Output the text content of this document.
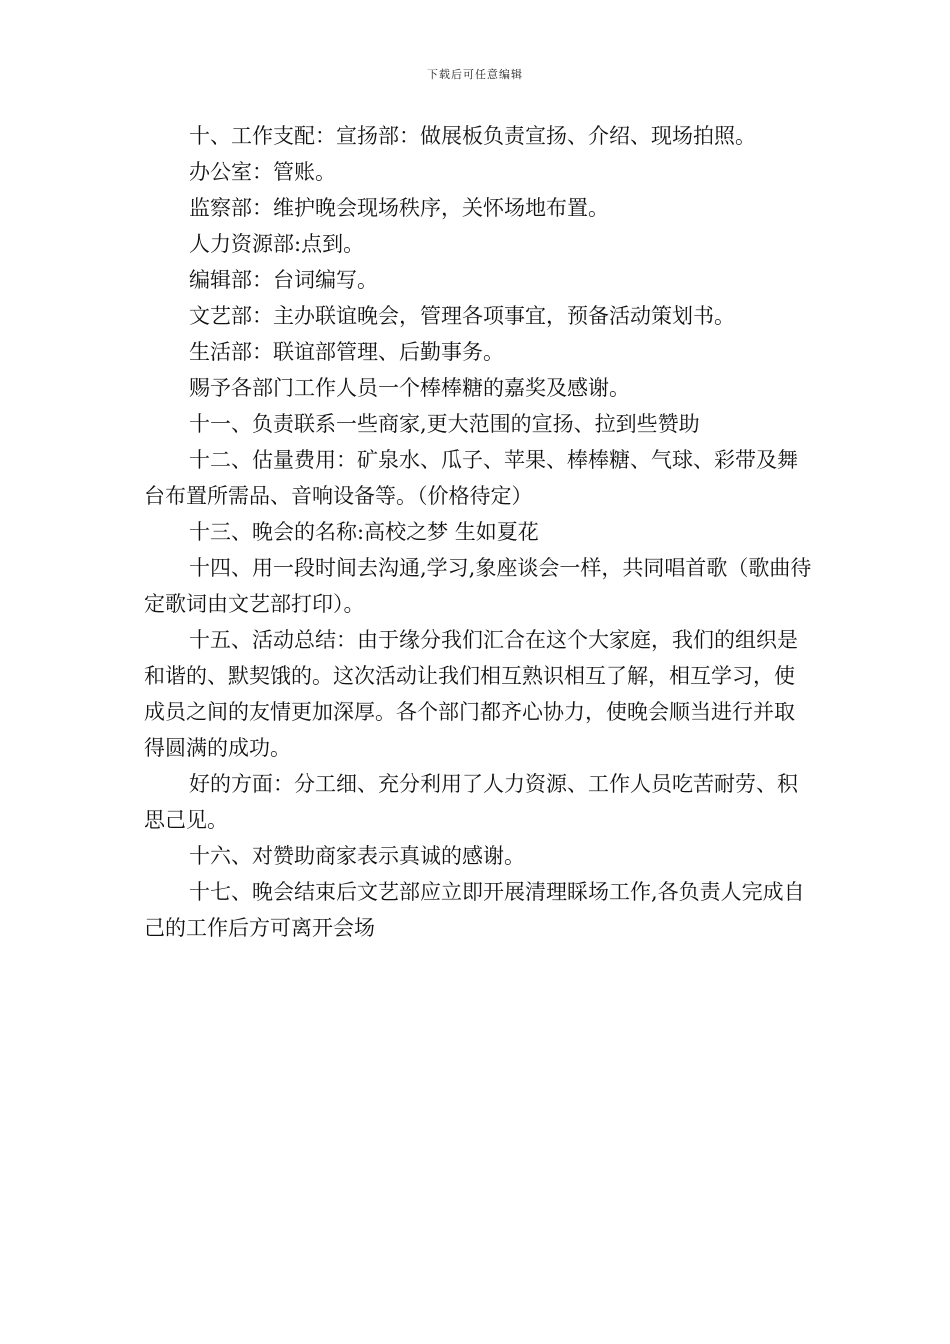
下载后可任意编辑

十、工作支配：宣扬部：做展板负责宣扬、介绍、现场拍照。

办公室：管账。

监察部：维护晚会现场秩序，关怀场地布置。

人力资源部:点到。

编辑部：台词编写。

文艺部：主办联谊晚会，管理各项事宜，预备活动策划书。

生活部：联谊部管理、后勤事务。

赐予各部门工作人员一个棒棒糖的嘉奖及感谢。

十一、负责联系一些商家,更大范围的宣扬、拉到些赞助

十二、估量费用：矿泉水、瓜子、苹果、棒棒糖、气球、彩带及舞台布置所需品、音响设备等。（价格待定）

十三、晚会的名称:高校之梦 生如夏花

十四、用一段时间去沟通,学习,象座谈会一样，共同唱首歌（歌曲待定歌词由文艺部打印）。

十五、活动总结：由于缘分我们汇合在这个大家庭，我们的组织是和谐的、默契饿的。这次活动让我们相互熟识相互了解，相互学习，使成员之间的友情更加深厚。各个部门都齐心协力，使晚会顺当进行并取得圆满的成功。

好的方面：分工细、充分利用了人力资源、工作人员吃苦耐劳、积思己见。

十六、对赞助商家表示真诚的感谢。

十七、晚会结束后文艺部应立即开展清理睬场工作,各负责人完成自己的工作后方可离开会场
